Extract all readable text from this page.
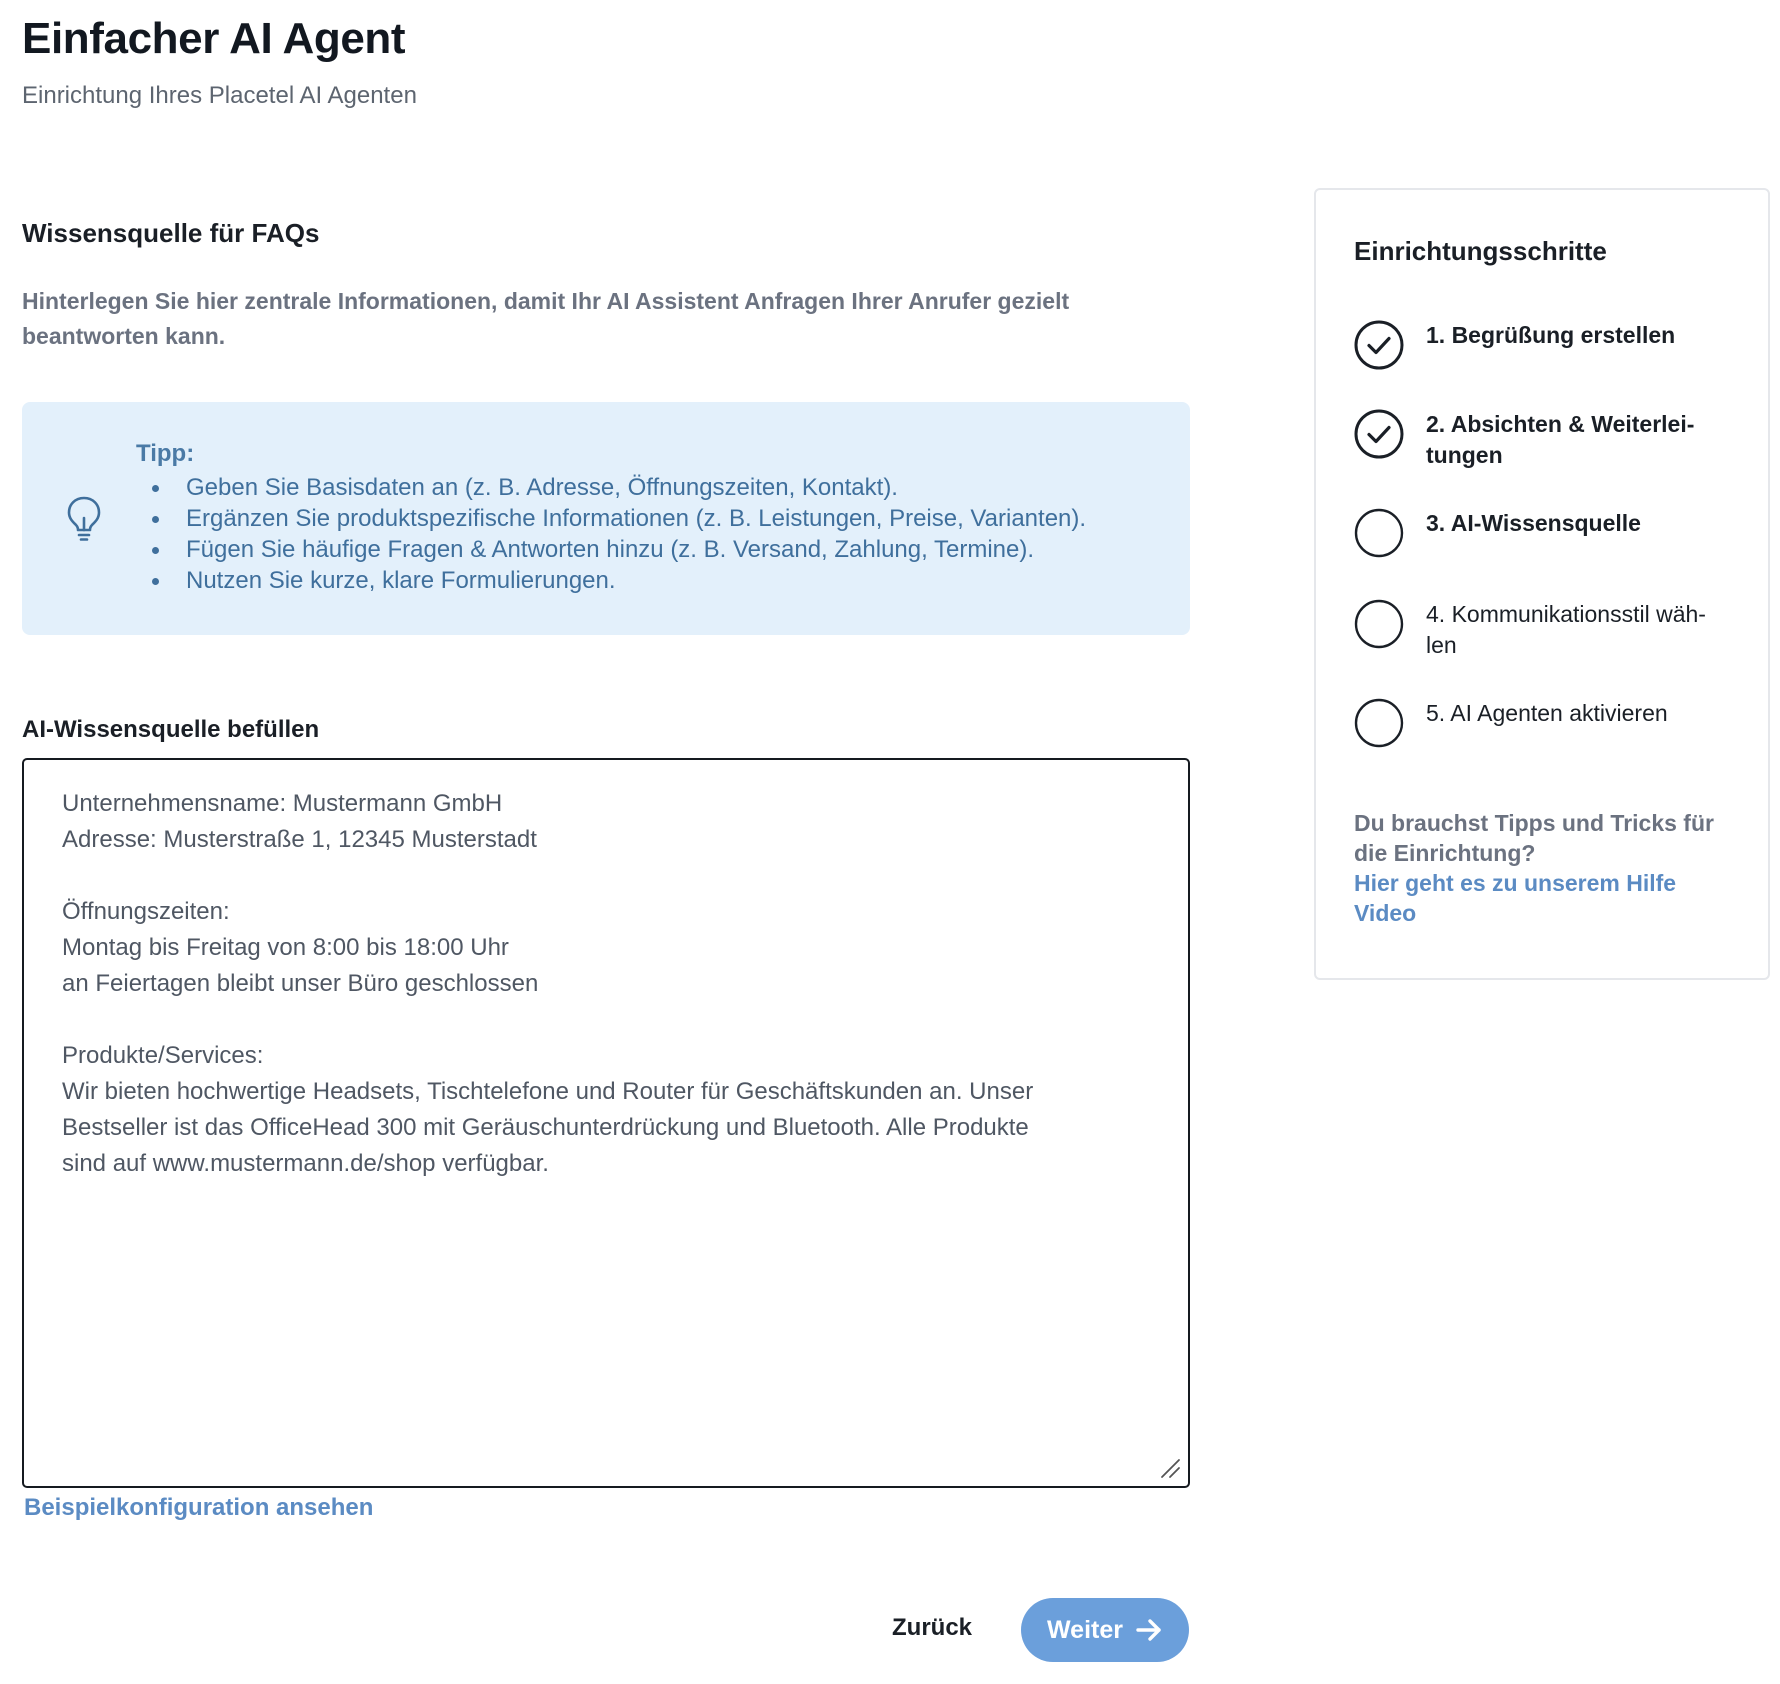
Einfacher AI Agent
Einrichtung Ihres Placetel AI Agenten
Wissensquelle für FAQs
Hinterlegen Sie hier zentrale Informationen, damit Ihr AI Assistent Anfragen Ihrer Anrufer gezielt beantworten kann.
Tipp:
Geben Sie Basisdaten an (z. B. Adresse, Öffnungszeiten, Kontakt).
Ergänzen Sie produktspezifische Informationen (z. B. Leistungen, Preise, Varianten).
Fügen Sie häufige Fragen & Antworten hinzu (z. B. Versand, Zahlung, Termine).
Nutzen Sie kurze, klare Formulierungen.
AI-Wissensquelle befüllen
Unternehmensname: Mustermann GmbH
Adresse: Musterstraße 1, 12345 Musterstadt

Öffnungszeiten:
Montag bis Freitag von 8:00 bis 18:00 Uhr
an Feiertagen bleibt unser Büro geschlossen

Produkte/Services:
Wir bieten hochwertige Headsets, Tischtelefone und Router für Geschäftskunden an. Unser
Bestseller ist das OfficeHead 300 mit Geräuschunterdrückung und Bluetooth. Alle Produkte
sind auf www.mustermann.de/shop verfügbar.
Beispielkonfiguration ansehen
Zurück	Weiter
Einrichtungsschritte
1. Begrüßung erstellen
2. Absichten & Weiterlei-
tungen
3. AI-Wissensquelle
4. Kommunikationsstil wäh-
len
5. AI Agenten aktivieren
Du brauchst Tipps und Tricks für die Einrichtung?
Hier geht es zu unserem Hilfe Video
